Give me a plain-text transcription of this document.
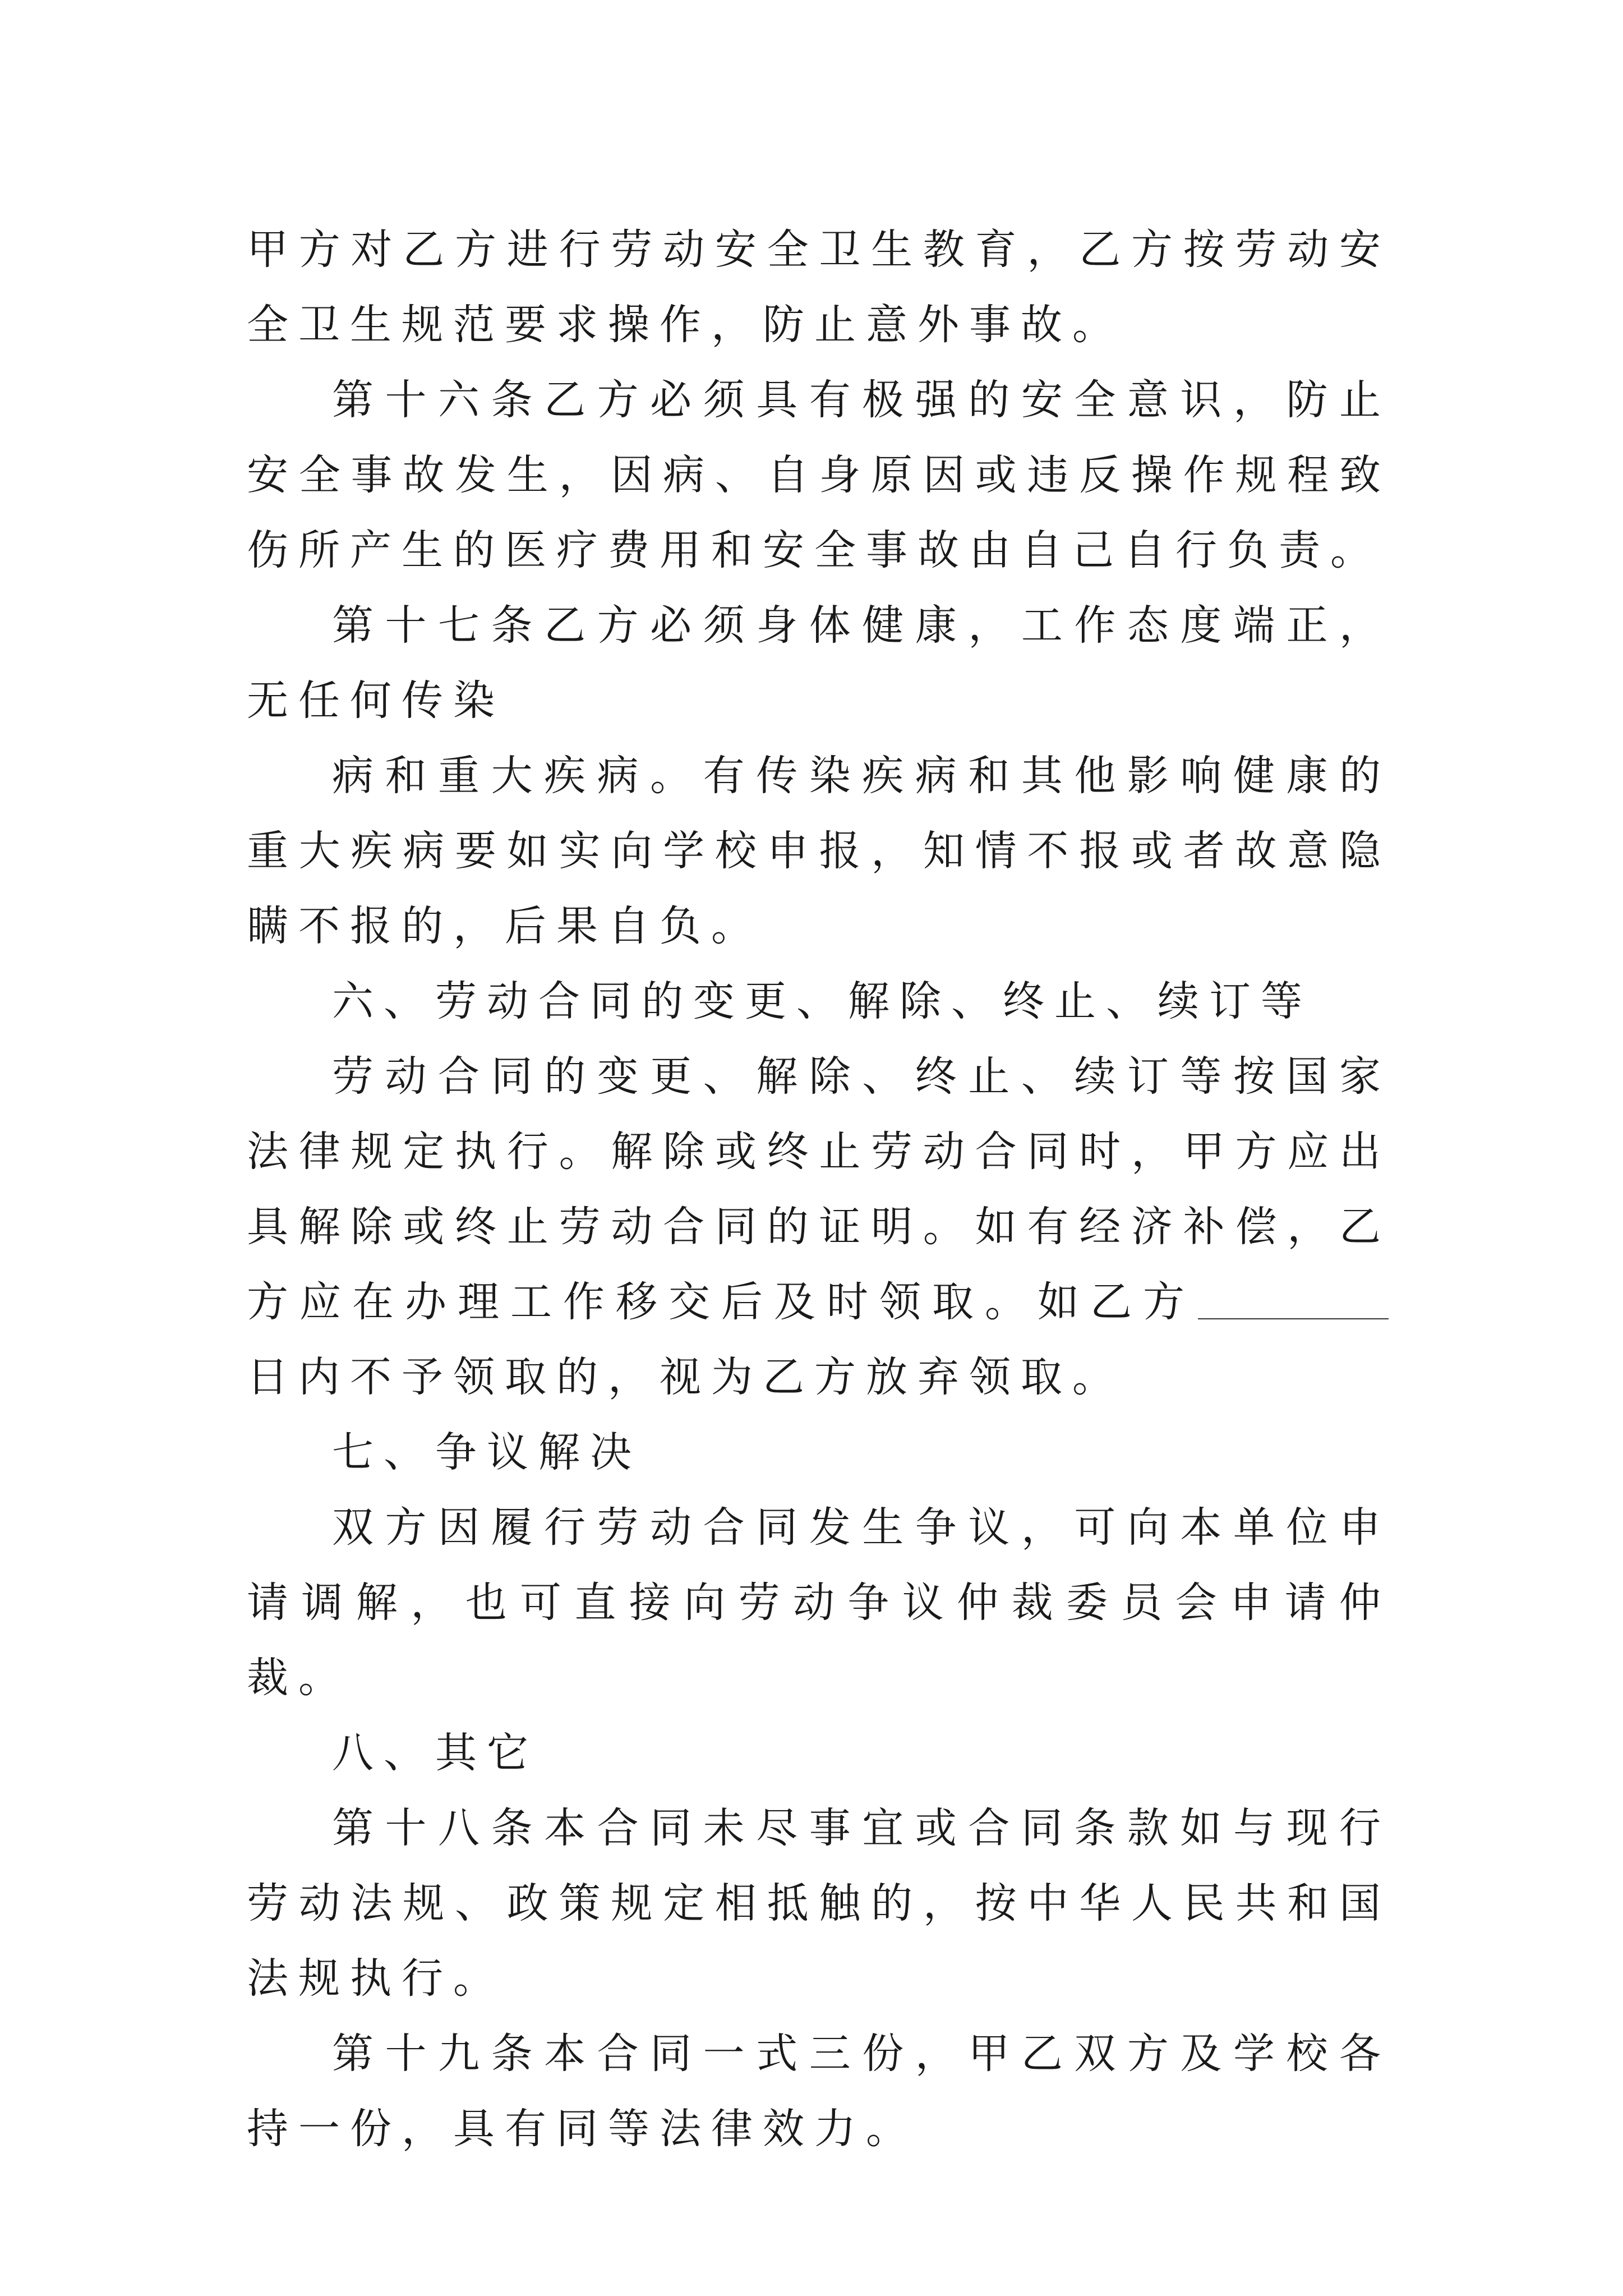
甲方对乙方进行劳动安全卫生教育，乙方按劳动安全卫生规范要求操作，防止意外事故。

第十六条乙方必须具有极强的安全意识，防止安全事故发生，因病、自身原因或违反操作规程致伤所产生的医疗费用和安全事故由自己自行负责。

第十七条乙方必须身体健康，工作态度端正，无任何传染

病和重大疾病。有传染疾病和其他影响健康的重大疾病要如实向学校申报，知情不报或者故意隐瞒不报的，后果自负。

六、劳动合同的变更、解除、终止、续订等

劳动合同的变更、解除、终止、续订等按国家法律规定执行。解除或终止劳动合同时，甲方应出具解除或终止劳动合同的证明。如有经济补偿，乙方应在办理工作移交后及时领取。如乙方日内不予领取的，视为乙方放弃领取。

七、争议解决

双方因履行劳动合同发生争议，可向本单位申请调解，也可直接向劳动争议仲裁委员会申请仲裁。

八、其它

第十八条本合同未尽事宜或合同条款如与现行劳动法规、政策规定相抵触的，按中华人民共和国法规执行。

第十九条本合同一式三份，甲乙双方及学校各持一份，具有同等法律效力。
